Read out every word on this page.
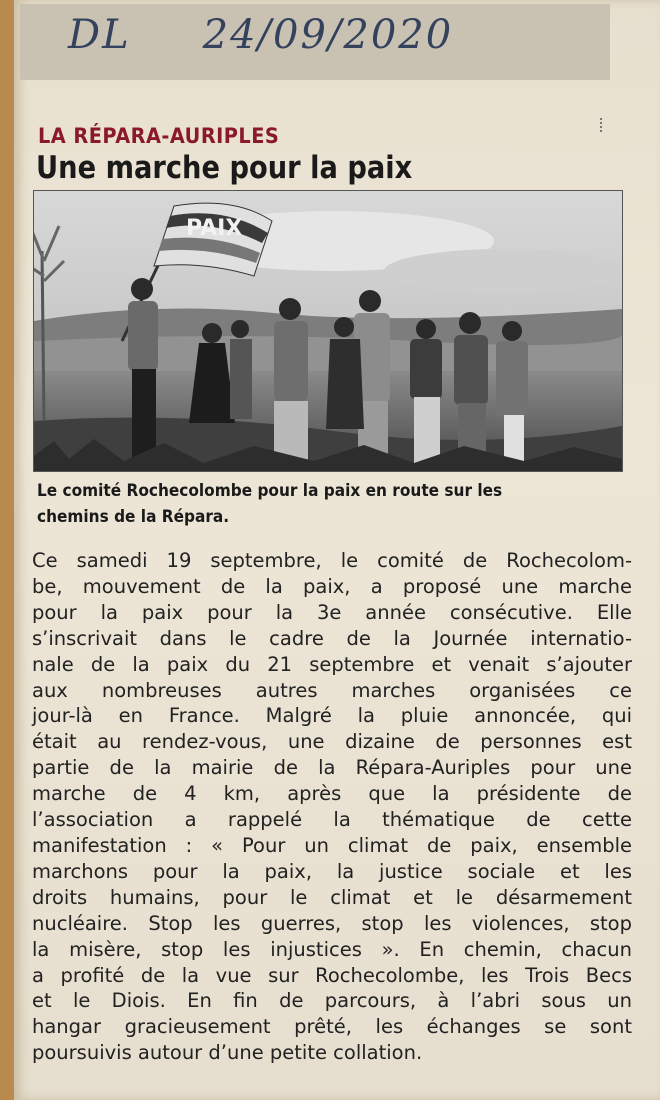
DL 24/09/2020
LA RÉPARA-AURIPLES
Une marche pour la paix
PAIX
Le comité Rochecolombe pour la paix en route sur les
chemins de la Répara.
Ce samedi 19 septembre, le comité de Rochecolom-
be, mouvement de la paix, a proposé une marche
pour la paix pour la 3e année consécutive. Elle
s’inscrivait dans le cadre de la Journée internatio-
nale de la paix du 21 septembre et venait s’ajouter
aux nombreuses autres marches organisées ce
jour-là en France. Malgré la pluie annoncée, qui
était au rendez-vous, une dizaine de personnes est
partie de la mairie de la Répara-Auriples pour une
marche de 4 km, après que la présidente de
l’association a rappelé la thématique de cette
manifestation : « Pour un climat de paix, ensemble
marchons pour la paix, la justice sociale et les
droits humains, pour le climat et le désarmement
nucléaire. Stop les guerres, stop les violences, stop
la misère, stop les injustices ». En chemin, chacun
a profité de la vue sur Rochecolombe, les Trois Becs
et le Diois. En fin de parcours, à l’abri sous un
hangar gracieusement prêté, les échanges se sont
poursuivis autour d’une petite collation.
